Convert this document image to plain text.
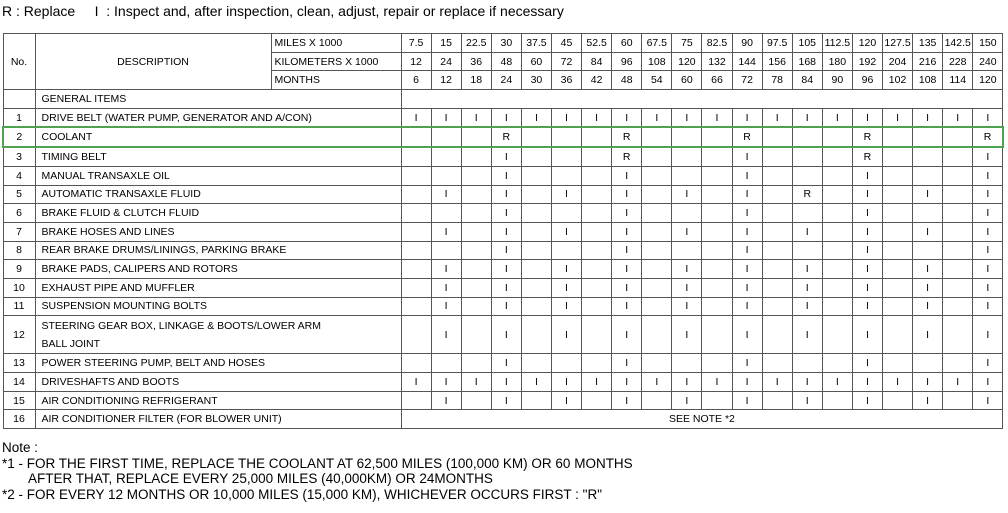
R : Replace     I  : Inspect and, after inspection, clean, adjust, repair or replace if necessary
No.	DESCRIPTION	MILES X 1000	7.5	15	22.5	30	37.5	45	52.5	60	67.5	75	82.5	90	97.5	105	112.5	120	127.5	135	142.5	150
		KILOMETERS X 1000	12	24	36	48	60	72	84	96	108	120	132	144	156	168	180	192	204	216	228	240
		MONTHS	6	12	18	24	30	36	42	48	54	60	66	72	78	84	90	96	102	108	114	120
	GENERAL ITEMS																					
1	DRIVE BELT (WATER PUMP, GENERATOR AND A/CON)		I	I	I	I	I	I	I	I	I	I	I	I	I	I	I	I	I	I	I	I
2	COOLANT					R				R				R				R				R
3	TIMING BELT					I				R				I				R				I
4	MANUAL TRANSAXLE OIL					I				I				I				I				I
5	AUTOMATIC TRANSAXLE FLUID			I		I		I		I		I		I		R		I		I		I
6	BRAKE FLUID & CLUTCH FLUID					I				I				I				I				I
7	BRAKE HOSES AND LINES			I		I		I		I		I		I		I		I		I		I
8	REAR BRAKE DRUMS/LININGS, PARKING BRAKE					I				I				I				I				I
9	BRAKE PADS, CALIPERS AND ROTORS			I		I		I		I		I		I		I		I		I		I
10	EXHAUST PIPE AND MUFFLER			I		I		I		I		I		I		I		I		I		I
11	SUSPENSION MOUNTING BOLTS			I		I		I		I		I		I		I		I		I		I
12	STEERING GEAR BOX, LINKAGE & BOOTS/LOWER ARM
BALL JOINT			I		I		I		I		I		I		I		I		I		I
13	POWER STEERING PUMP, BELT AND HOSES					I				I				I				I				I
14	DRIVESHAFTS AND BOOTS		I	I	I	I	I	I	I	I	I	I	I	I	I	I	I	I	I	I	I	I
15	AIR CONDITIONING REFRIGERANT			I		I		I		I		I		I		I		I		I		I
16	AIR CONDITIONER FILTER (FOR BLOWER UNIT)		SEE NOTE *2																			
Note :
*1 - FOR THE FIRST TIME, REPLACE THE COOLANT AT 62,500 MILES (100,000 KM) OR 60 MONTHS
AFTER THAT, REPLACE EVERY 25,000 MILES (40,000KM) OR 24MONTHS
*2 - FOR EVERY 12 MONTHS OR 10,000 MILES (15,000 KM), WHICHEVER OCCURS FIRST : "R"
